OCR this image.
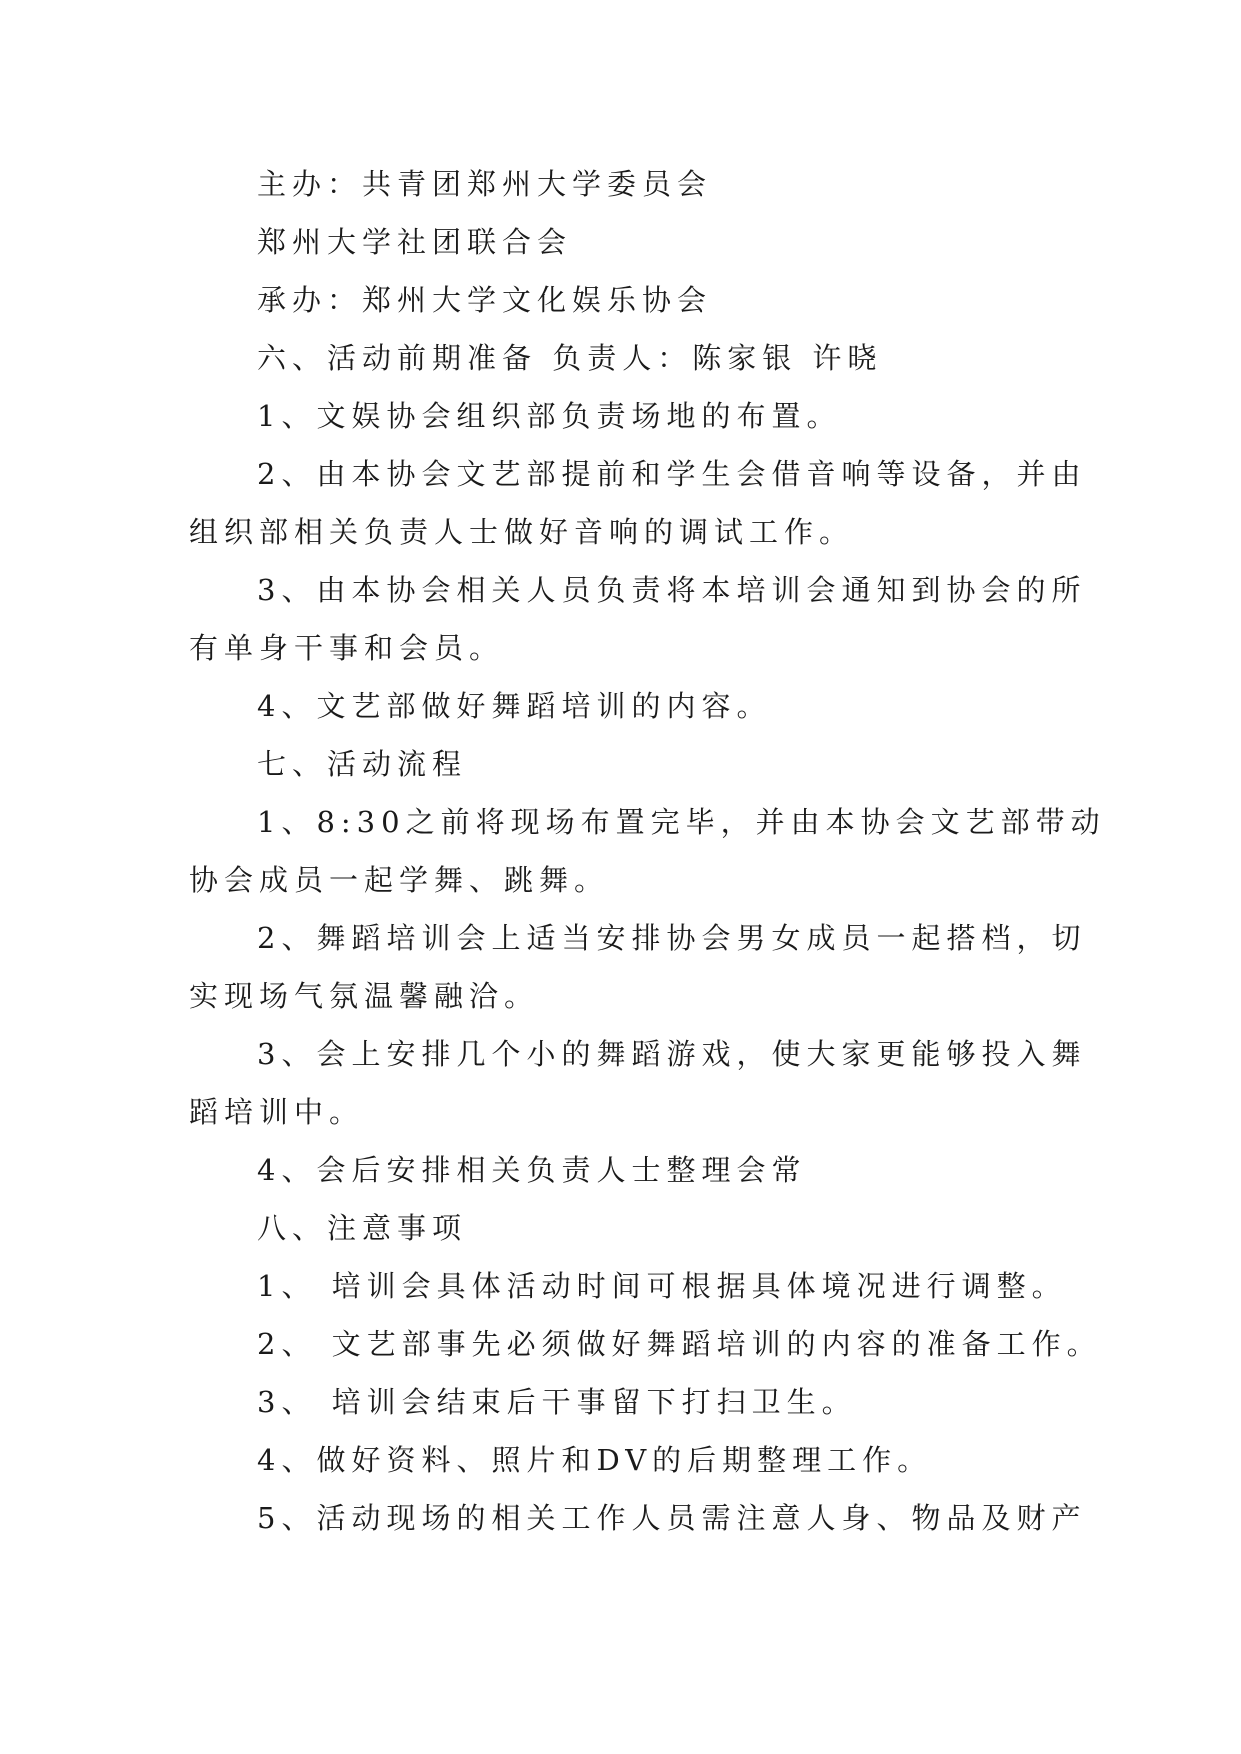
主办：共青团郑州大学委员会
郑州大学社团联合会
承办：郑州大学文化娱乐协会
六、活动前期准备 负责人：陈家银 许晓
1、文娱协会组织部负责场地的布置。
2、由本协会文艺部提前和学生会借音响等设备，并由
组织部相关负责人士做好音响的调试工作。
3、由本协会相关人员负责将本培训会通知到协会的所
有单身干事和会员。
4、文艺部做好舞蹈培训的内容。
七、活动流程
1、8:30之前将现场布置完毕，并由本协会文艺部带动
协会成员一起学舞、跳舞。
2、舞蹈培训会上适当安排协会男女成员一起搭档，切
实现场气氛温馨融洽。
3、会上安排几个小的舞蹈游戏，使大家更能够投入舞
蹈培训中。
4、会后安排相关负责人士整理会常
八、注意事项
1、 培训会具体活动时间可根据具体境况进行调整。
2、 文艺部事先必须做好舞蹈培训的内容的准备工作。
3、 培训会结束后干事留下打扫卫生。
4、做好资料、照片和DV的后期整理工作。
5、活动现场的相关工作人员需注意人身、物品及财产
